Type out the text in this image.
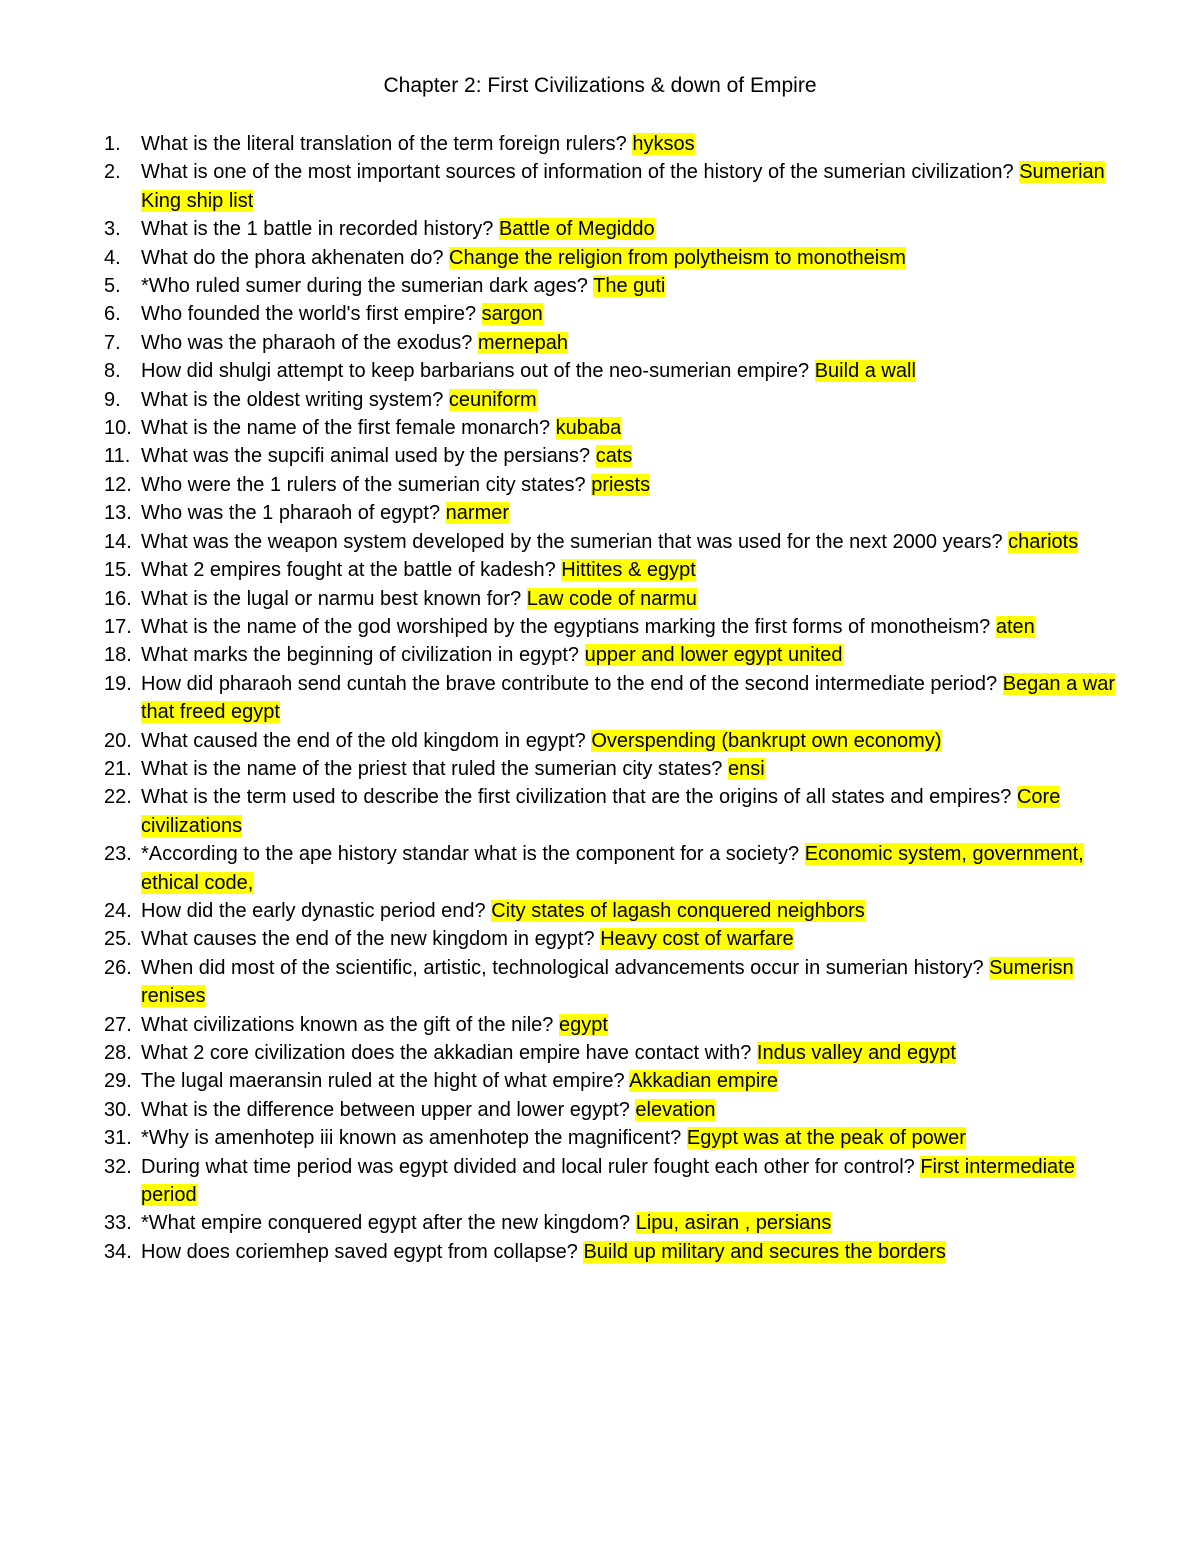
Chapter 2: First Civilizations & down of Empire
1.	What is the literal translation of the term foreign rulers? hyksos
2.	What is one of the most important sources of information of the history of the sumerian civilization? Sumerian King ship list
3.	What is the 1 battle in recorded history? Battle of Megiddo
4.	What do the phora akhenaten do? Change the religion from polytheism to monotheism
5.	*Who ruled sumer during the sumerian dark ages? The guti
6.	Who founded the world's first empire? sargon
7.	Who was the pharaoh of the exodus? mernepah
8.	How did shulgi attempt to keep barbarians out of the neo-sumerian empire? Build a wall
9.	What is the oldest writing system? ceuniform
10. What is the name of the first female monarch? kubaba
11. What was the supcifi animal used by the persians? cats
12. Who were the 1 rulers of the sumerian city states? priests
13. Who was the 1 pharaoh of egypt? narmer
14. What was the weapon system developed by the sumerian that was used for the next 2000 years? chariots
15. What 2 empires fought at the battle of kadesh? Hittites & egypt
16. What is the lugal or narmu best known for? Law code of narmu
17. What is the name of the god worshiped by the egyptians marking the first forms of monotheism? aten
18. What marks the beginning of civilization in egypt? upper and lower egypt united
19. How did pharaoh send cuntah the brave contribute to the end of the second intermediate period? Began a war that freed egypt
20. What caused the end of the old kingdom in egypt? Overspending (bankrupt own economy)
21. What is the name of the priest that ruled the sumerian city states? ensi
22. What is the term used to describe the first civilization that are the origins of all states and empires? Core civilizations
23. *According to the ape history standar what is the component for a society? Economic system, government, ethical code,
24. How did the early dynastic period end? City states of lagash conquered neighbors
25. What causes the end of the new kingdom in egypt? Heavy cost of warfare
26. When did most of the scientific, artistic, technological advancements occur in sumerian history? Sumerisn renises
27. What civilizations known as the gift of the nile? egypt
28. What 2 core civilization does the akkadian empire have contact with? Indus valley and egypt
29. The lugal maeransin ruled at the hight of what empire? Akkadian empire
30. What is the difference between upper and lower egypt? elevation
31. *Why is amenhotep iii known as amenhotep the magnificent? Egypt was at the peak of power
32. During what time period was egypt divided and local ruler fought each other for control? First intermediate period
33. *What empire conquered egypt after the new kingdom? Lipu, asiran , persians
34. How does coriemhep saved egypt from collapse? Build up military and secures the borders
